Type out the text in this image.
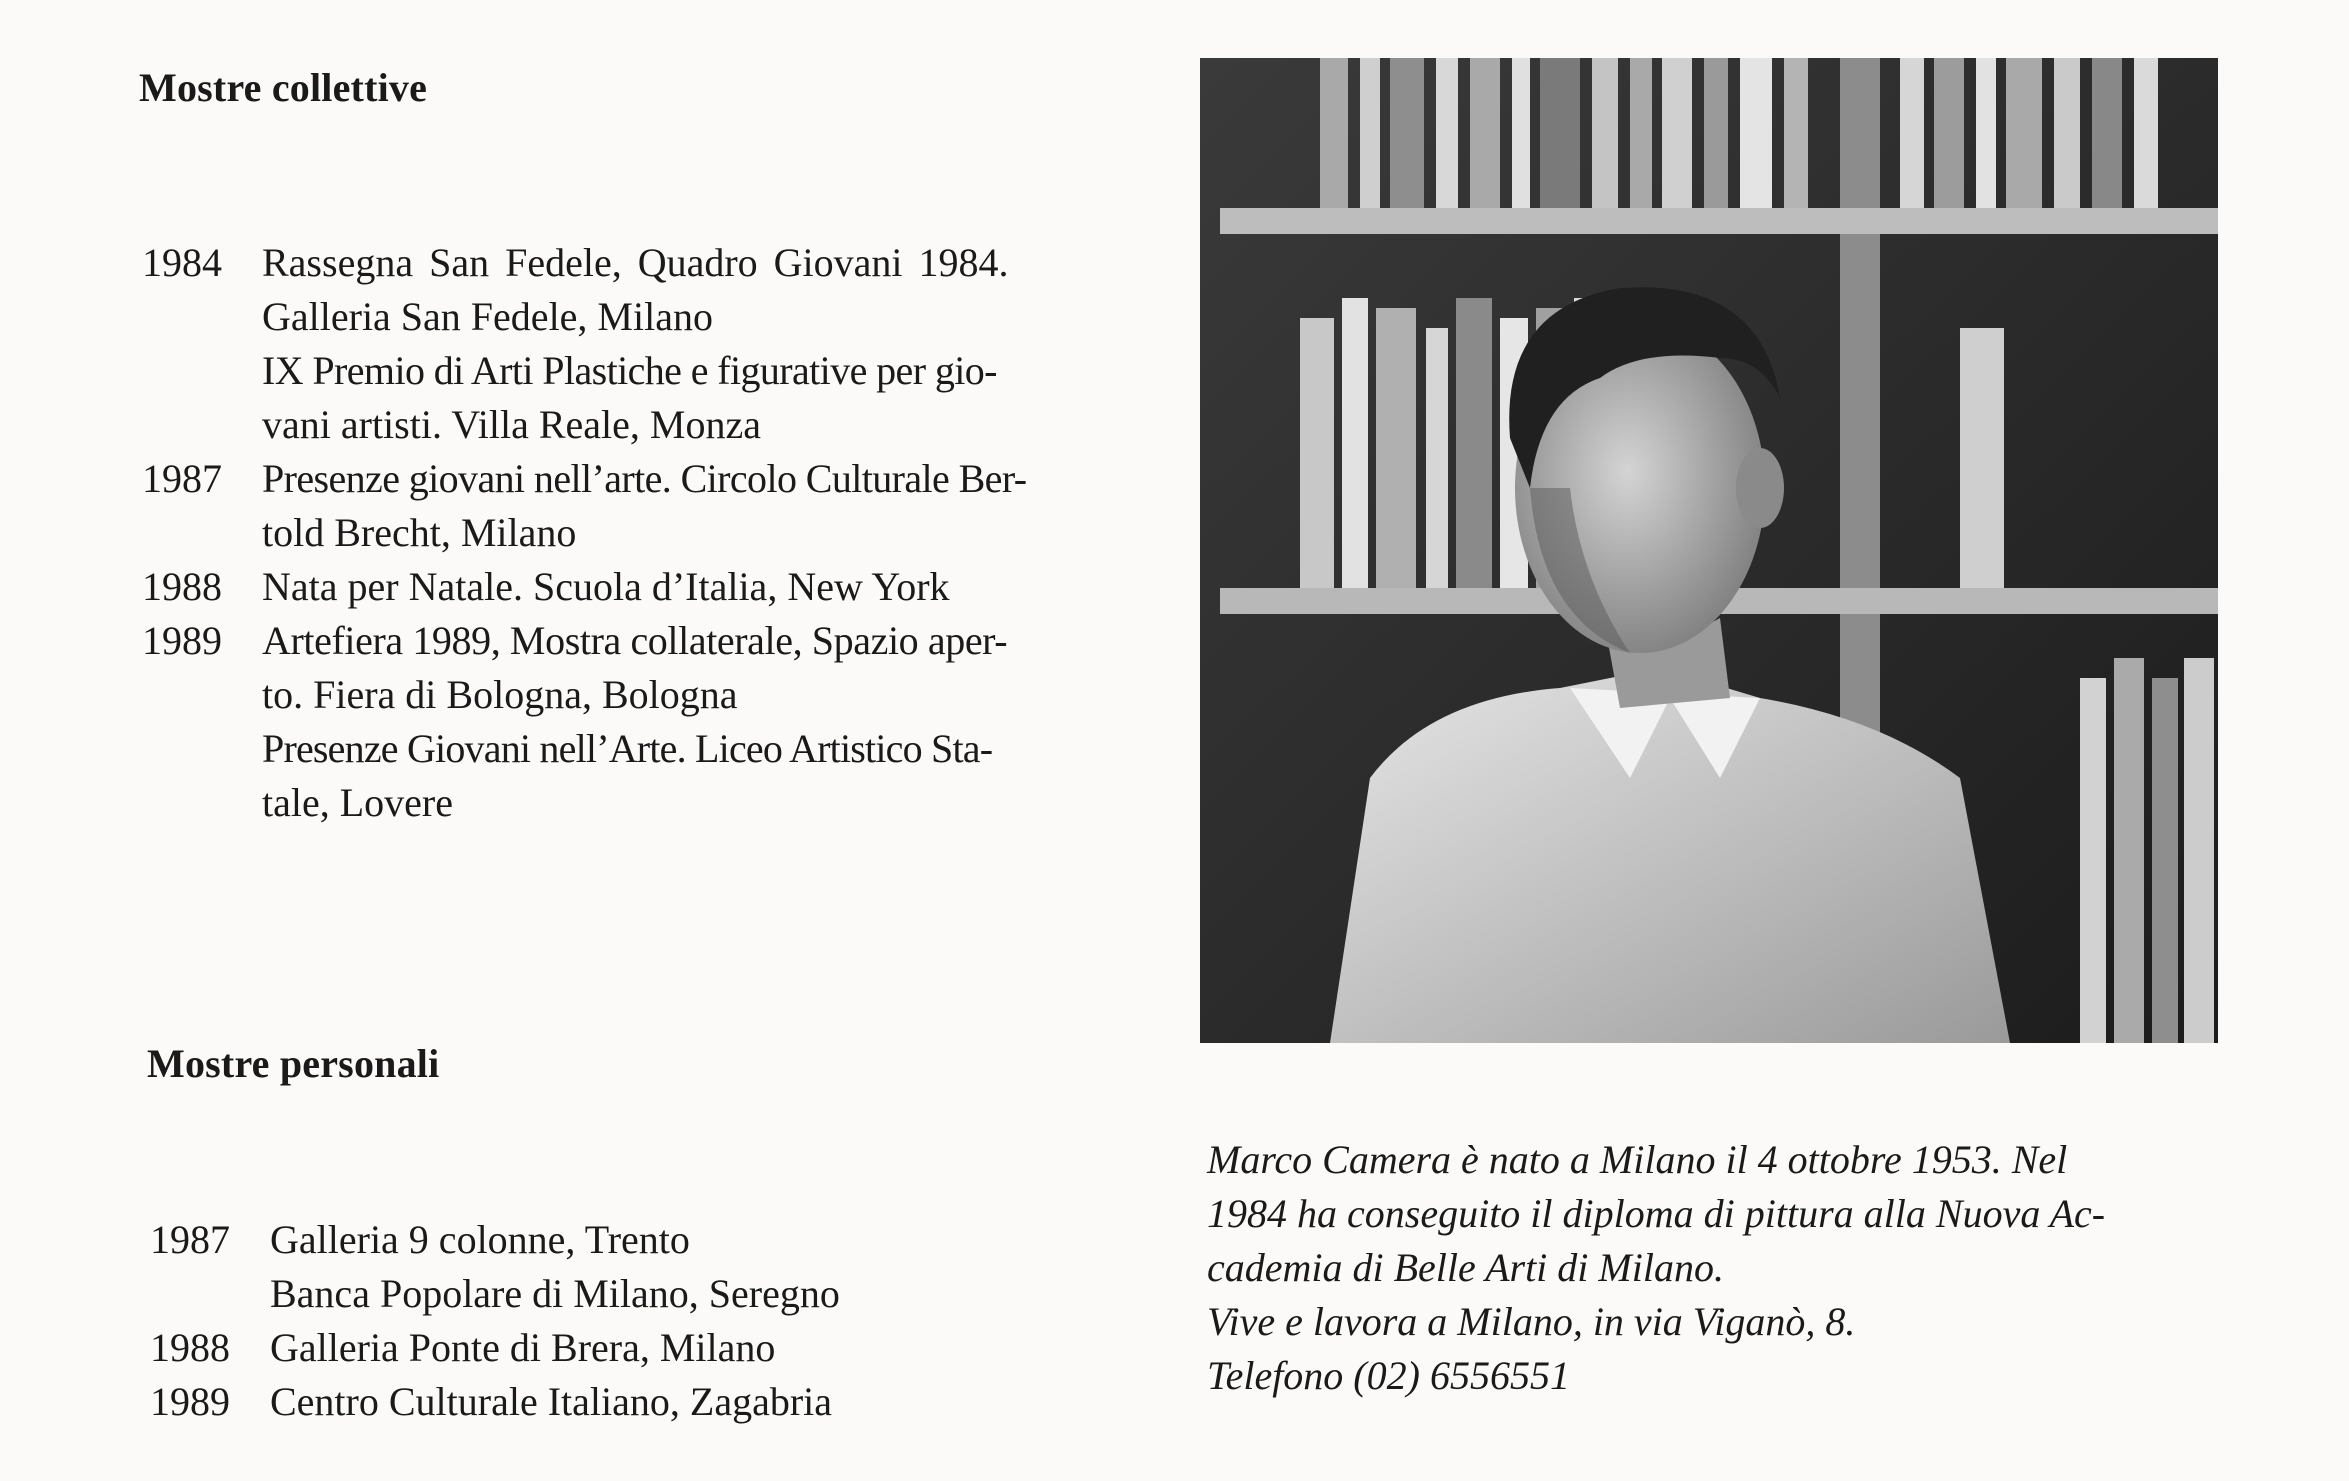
Mostre collettive
1984	Rassegna San Fedele, Quadro Giovani 1984.
Galleria San Fedele, Milano
IX Premio di Arti Plastiche e figurative per gio-
vani artisti. Villa Reale, Monza
1987	Presenze giovani nell’arte. Circolo Culturale Ber-
told Brecht, Milano
1988	Nata per Natale. Scuola d’Italia, New York
1989	Artefiera 1989, Mostra collaterale, Spazio aper-
to. Fiera di Bologna, Bologna
Presenze Giovani nell’Arte. Liceo Artistico Sta-
tale, Lovere
Mostre personali
1987	Galleria 9 colonne, Trento
Banca Popolare di Milano, Seregno
1988	Galleria Ponte di Brera, Milano
1989	Centro Culturale Italiano, Zagabria
Marco Camera è nato a Milano il 4 ottobre 1953. Nel
1984 ha conseguito il diploma di pittura alla Nuova Ac-
cademia di Belle Arti di Milano.
Vive e lavora a Milano, in via Viganò, 8.
Telefono (02) 6556551
